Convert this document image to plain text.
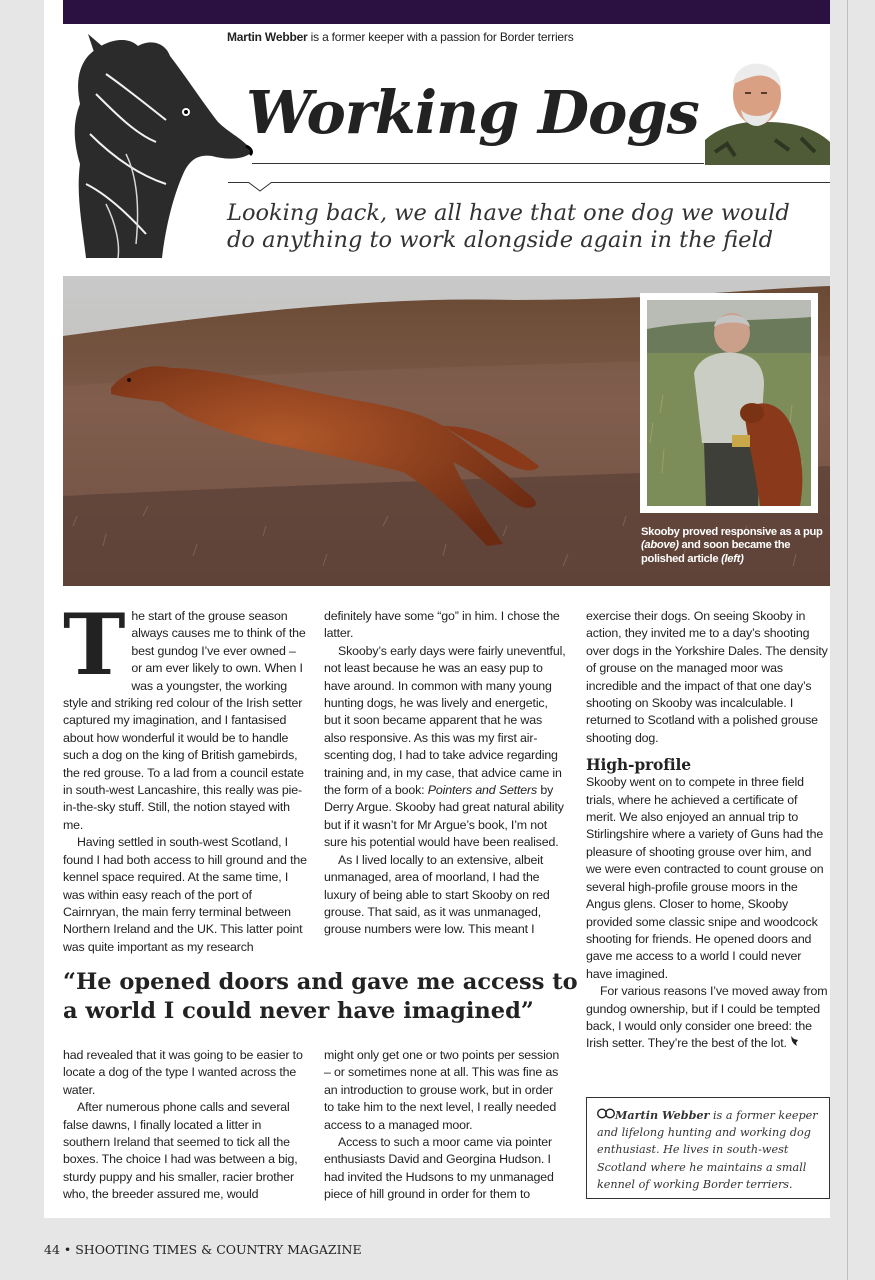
Martin Webber is a former keeper with a passion for Border terriers
Working Dogs
Looking back, we all have that one dog we would do anything to work alongside again in the field
Skooby proved responsive as a pup (above) and soon became the polished article (left)
T he start of the grouse season always causes me to think of the best gundog I’ve ever owned – or am ever likely to own. When I was a youngster, the working style and striking red colour of the Irish setter captured my imagination, and I fantasised about how wonderful it would be to handle such a dog on the king of British gamebirds, the red grouse. To a lad from a council estate in south-west Lancashire, this really was pie-in-the-sky stuff. Still, the notion stayed with me.

Having settled in south-west Scotland, I found I had both access to hill ground and the kennel space required. At the same time, I was within easy reach of the port of Cairnryan, the main ferry terminal between Northern Ireland and the UK. This latter point was quite important as my research

definitely have some “go” in him. I chose the latter.

Skooby’s early days were fairly uneventful, not least because he was an easy pup to have around. In common with many young hunting dogs, he was lively and energetic, but it soon became apparent that he was also responsive. As this was my first air-scenting dog, I had to take advice regarding training and, in my case, that advice came in the form of a book: Pointers and Setters by Derry Argue. Skooby had great natural ability but if it wasn’t for Mr Argue’s book, I’m not sure his potential would have been realised.

As I lived locally to an extensive, albeit unmanaged, area of moorland, I had the luxury of being able to start Skooby on red grouse. That said, as it was unmanaged, grouse numbers were low. This meant I

exercise their dogs. On seeing Skooby in action, they invited me to a day’s shooting over dogs in the Yorkshire Dales. The density of grouse on the managed moor was incredible and the impact of that one day’s shooting on Skooby was incalculable. I returned to Scotland with a polished grouse shooting dog.

High-profile

Skooby went on to compete in three field trials, where he achieved a certificate of merit. We also enjoyed an annual trip to Stirlingshire where a variety of Guns had the pleasure of shooting grouse over him, and we were even contracted to count grouse on several high-profile grouse moors in the Angus glens. Closer to home, Skooby provided some classic snipe and woodcock shooting for friends. He opened doors and gave me access to a world I could never have imagined.

For various reasons I’ve moved away from gundog ownership, but if I could be tempted back, I would only consider one breed: the Irish setter. They’re the best of the lot.

“He opened doors and gave me access to a world I could never have imagined”

had revealed that it was going to be easier to locate a dog of the type I wanted across the water.

After numerous phone calls and several false dawns, I finally located a litter in southern Ireland that seemed to tick all the boxes. The choice I had was between a big, sturdy puppy and his smaller, racier brother who, the breeder assured me, would

might only get one or two points per session – or sometimes none at all. This was fine as an introduction to grouse work, but in order to take him to the next level, I really needed access to a managed moor.

Access to such a moor came via pointer enthusiasts David and Georgina Hudson. I had invited the Hudsons to my unmanaged piece of hill ground in order for them to

Martin Webber is a former keeper and lifelong hunting and working dog enthusiast. He lives in south-west Scotland where he maintains a small kennel of working Border terriers.
44 • SHOOTING TIMES & COUNTRY MAGAZINE
